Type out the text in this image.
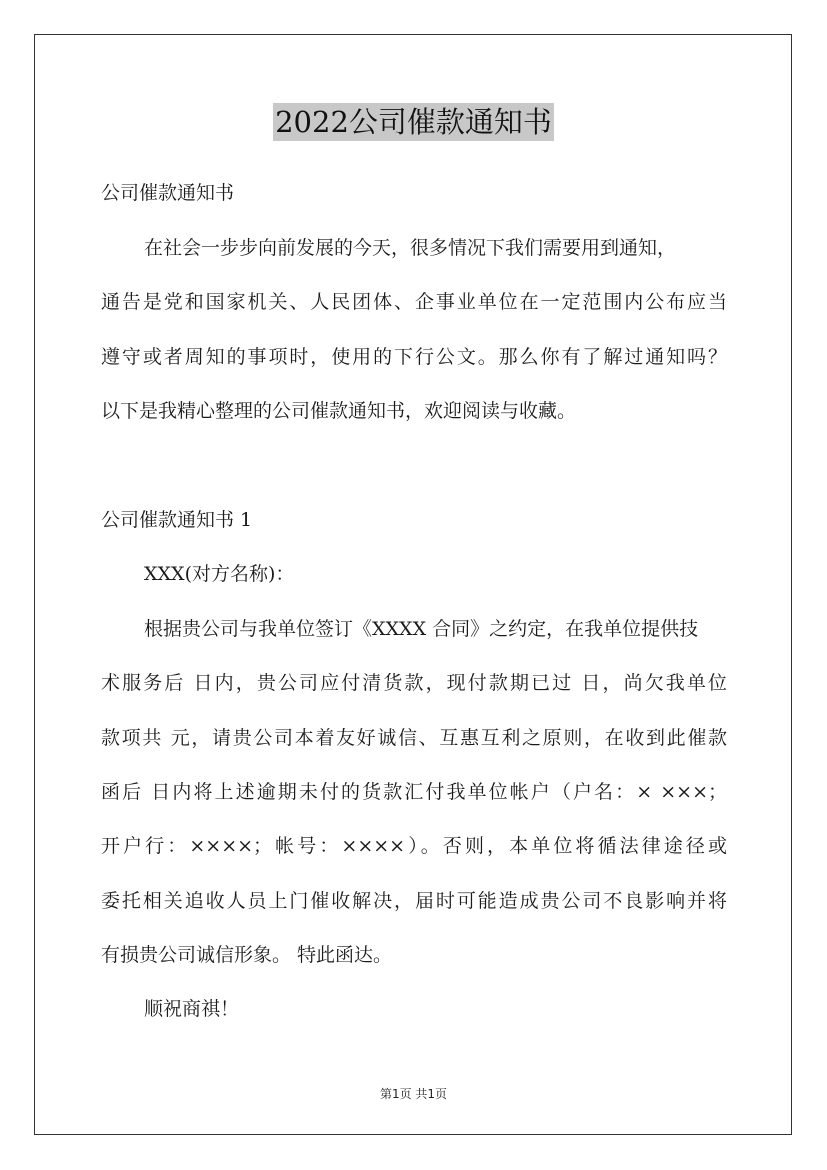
2022公司催款通知书
公司催款通知书
在社会一步步向前发展的今天，很多情况下我们需要用到通知，
通告是党和国家机关、人民团体、企事业单位在一定范围内公布应当
遵守或者周知的事项时，使用的下行公文。那么你有了解过通知吗？
以下是我精心整理的公司催款通知书，欢迎阅读与收藏。
公司催款通知书 1
XXX(对方名称)：
根据贵公司与我单位签订《XXXX 合同》之约定，在我单位提供技
术服务后 日内，贵公司应付清货款，现付款期已过 日，尚欠我单位
款项共 元，请贵公司本着友好诚信、互惠互利之原则，在收到此催款
函后 日内将上述逾期未付的货款汇付我单位帐户（户名：× ×××；
开户行：××××；帐号：××××）。否则，本单位将循法律途径或
委托相关追收人员上门催收解决，届时可能造成贵公司不良影响并将
有损贵公司诚信形象。 特此函达。
顺祝商祺！
第1页 共1页
